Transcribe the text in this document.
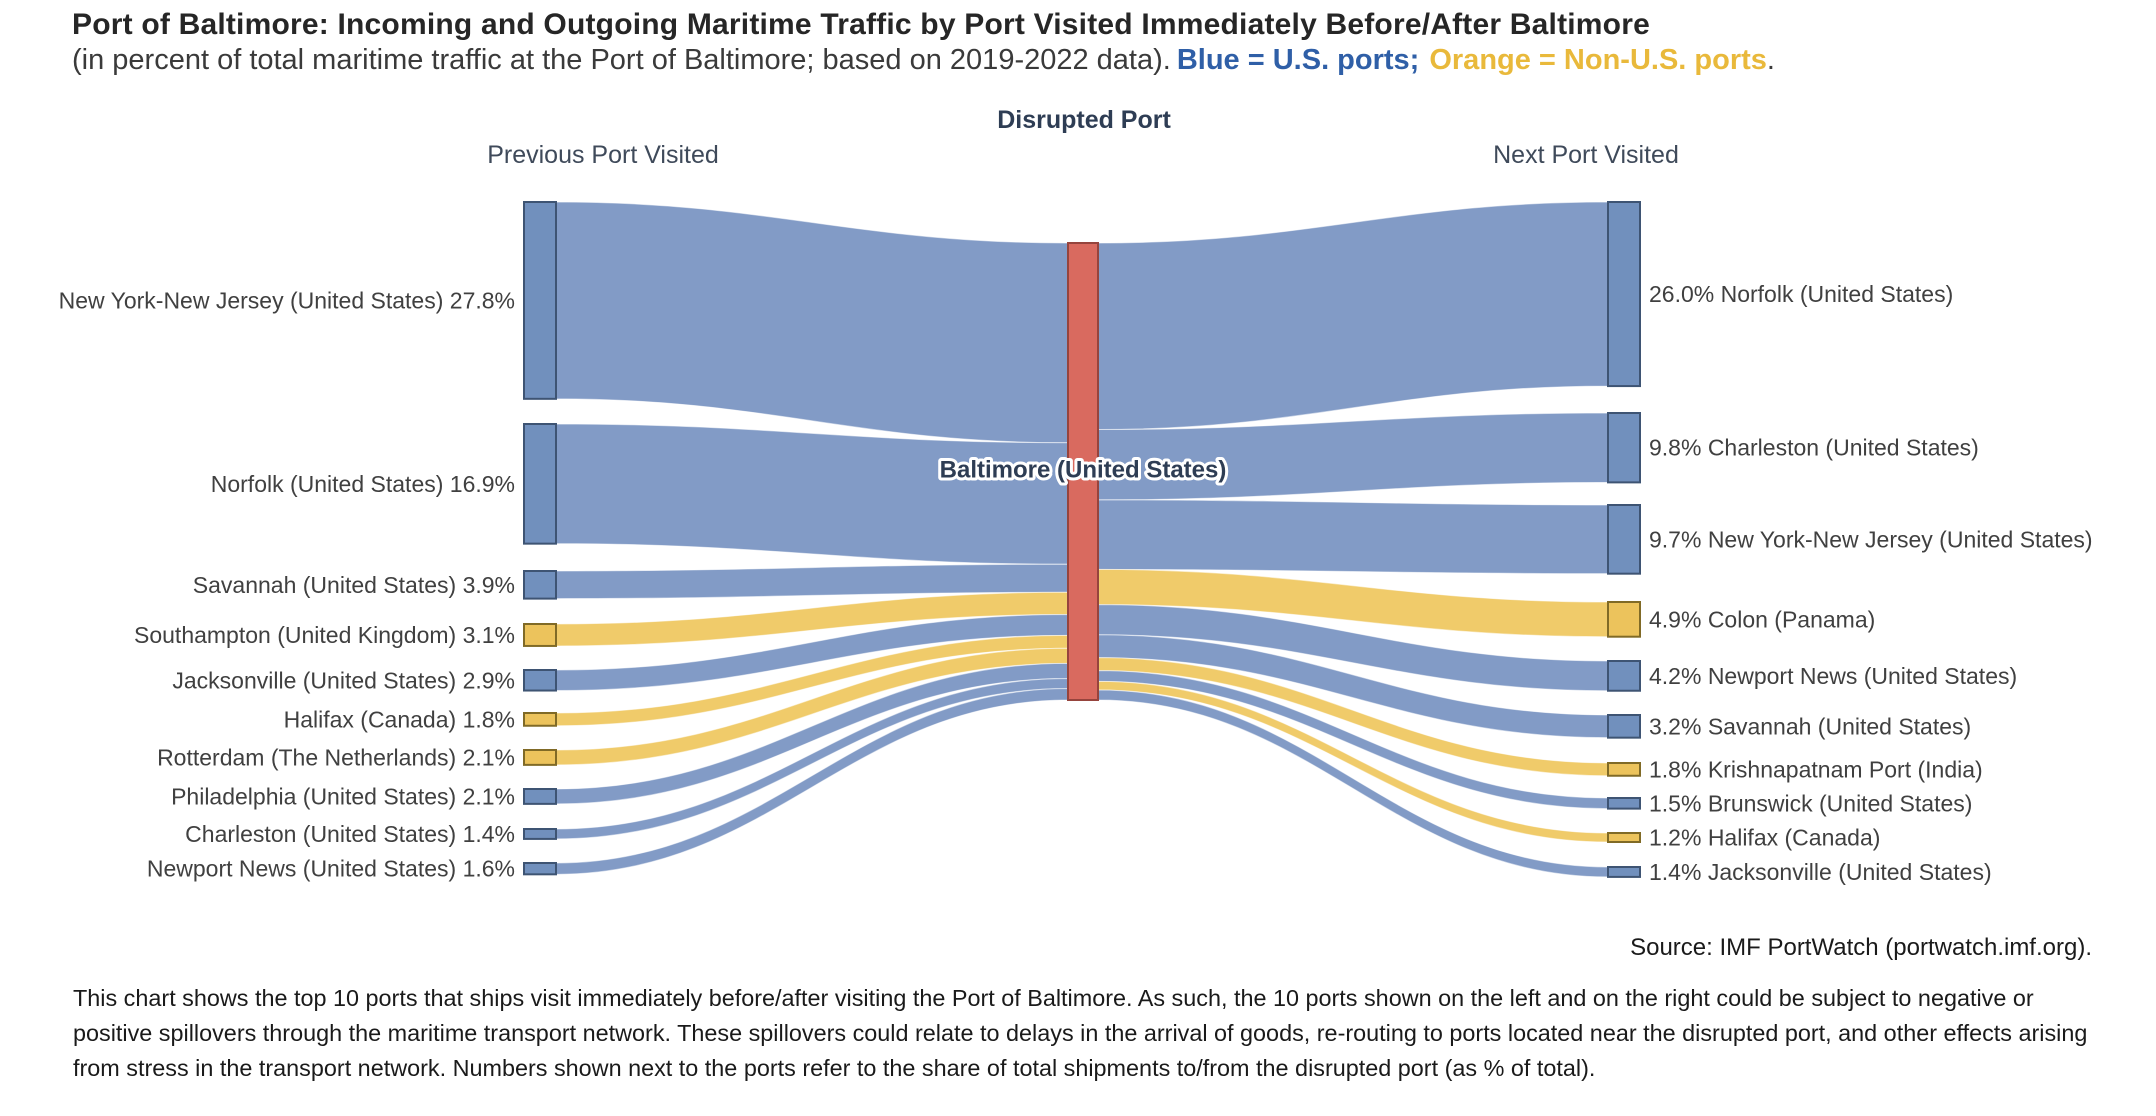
Port of Baltimore: Incoming and Outgoing Maritime Traffic by Port Visited Immediately Before/After Baltimore
(in percent of total maritime traffic at the Port of Baltimore; based on 2019-2022 data). Blue = U.S. ports; Orange = Non-U.S. ports.
Previous Port Visited
Disrupted Port
Next Port Visited
New York-New Jersey (United States) 27.8%
Norfolk (United States) 16.9%
Savannah (United States) 3.9%
Southampton (United Kingdom) 3.1%
Jacksonville (United States) 2.9%
Halifax (Canada) 1.8%
Rotterdam (The Netherlands) 2.1%
Philadelphia (United States) 2.1%
Charleston (United States) 1.4%
Newport News (United States) 1.6%
26.0% Norfolk (United States)
9.8% Charleston (United States)
9.7% New York-New Jersey (United States)
4.9% Colon (Panama)
4.2% Newport News (United States)
3.2% Savannah (United States)
1.8% Krishnapatnam Port (India)
1.5% Brunswick (United States)
1.2% Halifax (Canada)
1.4% Jacksonville (United States)
Baltimore (United States)
Source: IMF PortWatch (portwatch.imf.org).
This chart shows the top 10 ports that ships visit immediately before/after visiting the Port of Baltimore. As such, the 10 ports shown on the left and on the right could be subject to negative or positive spillovers through the maritime transport network. These spillovers could relate to delays in the arrival of goods, re-routing to ports located near the disrupted port, and other effects arising from stress in the transport network. Numbers shown next to the ports refer to the share of total shipments to/from the disrupted port (as % of total).
